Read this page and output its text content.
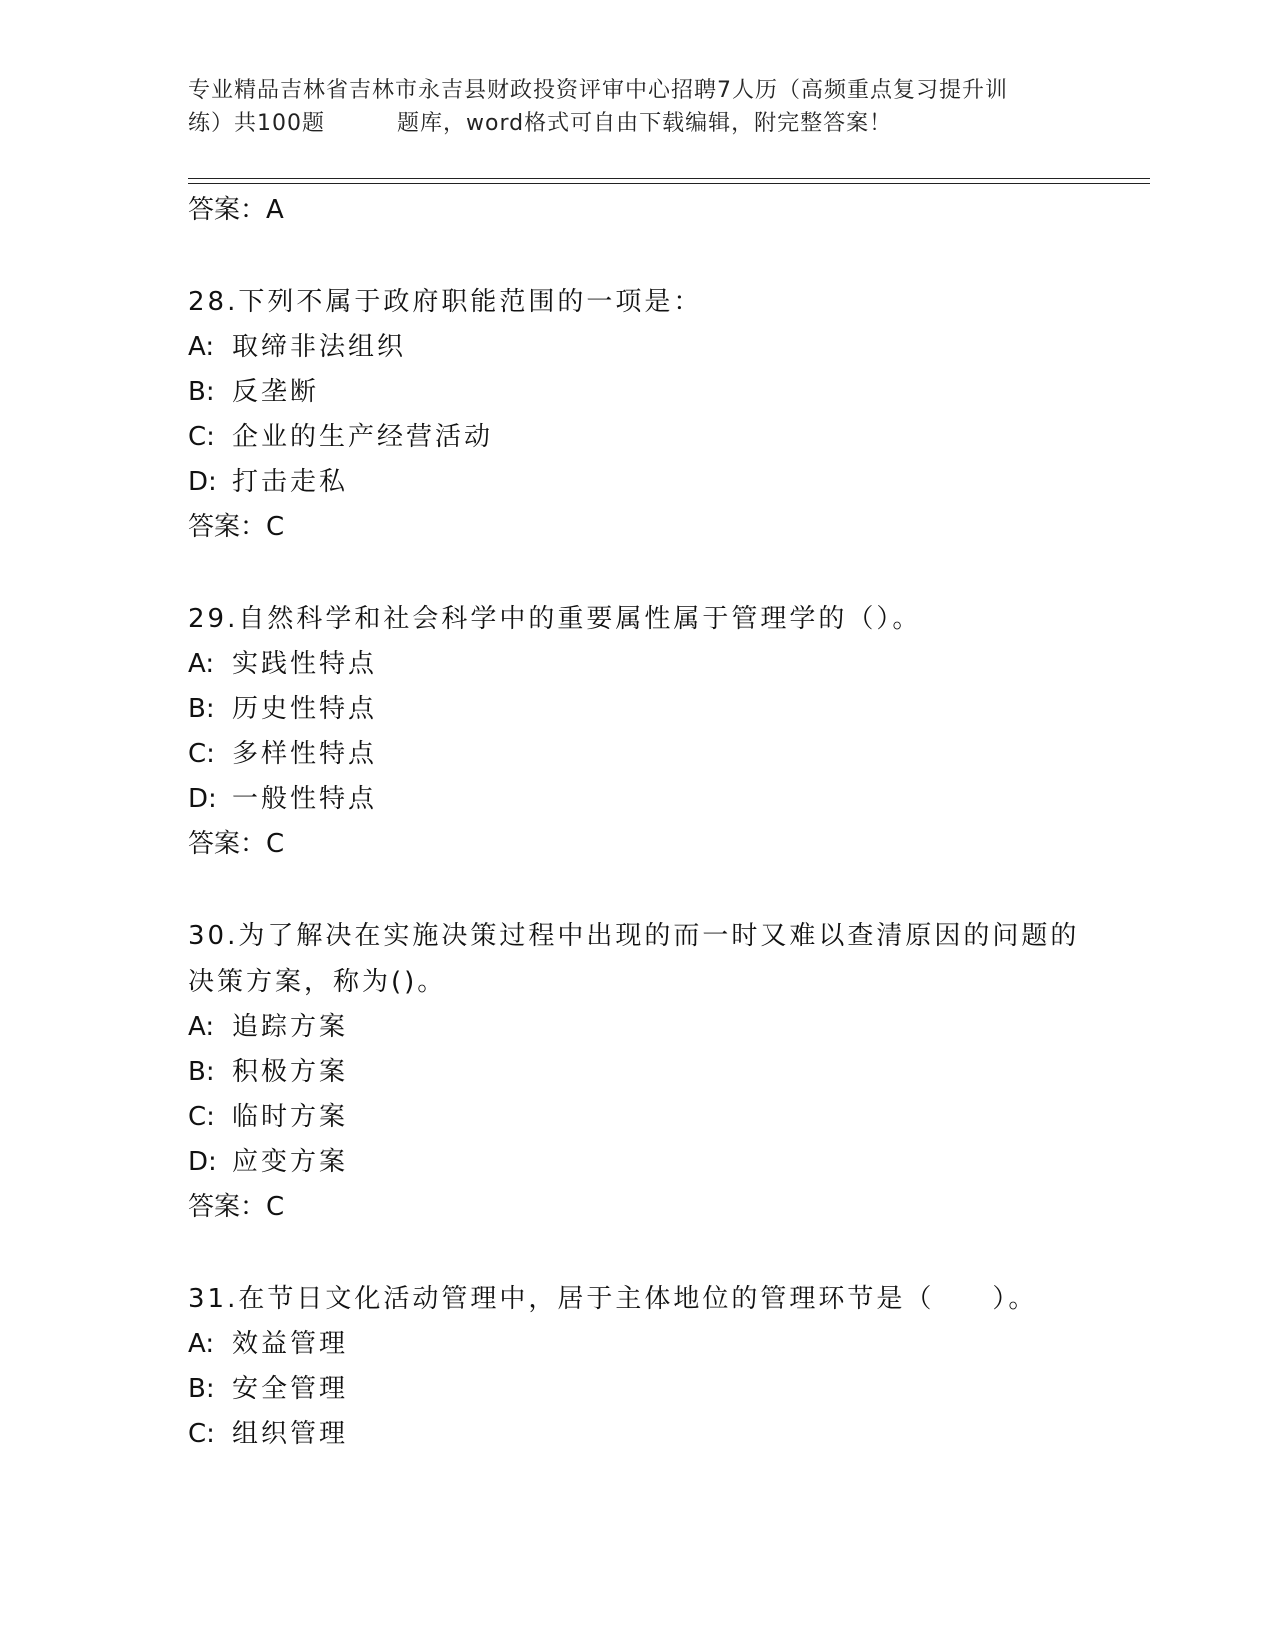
专业精品吉林省吉林市永吉县财政投资评审中心招聘7人历（高频重点复习提升训
练）共100题	题库，word格式可自由下载编辑，附完整答案！
答案：A
28.下列不属于政府职能范围的一项是：
A: 取缔非法组织
B: 反垄断
C: 企业的生产经营活动
D: 打击走私
答案：C
29.自然科学和社会科学中的重要属性属于管理学的（）。
A: 实践性特点
B: 历史性特点
C: 多样性特点
D: 一般性特点
答案：C
30.为了解决在实施决策过程中出现的而一时又难以查清原因的问题的决策方案，称为()。
A: 追踪方案
B: 积极方案
C: 临时方案
D: 应变方案
答案：C
31.在节日文化活动管理中，居于主体地位的管理环节是（　　）。
A: 效益管理
B: 安全管理
C: 组织管理
